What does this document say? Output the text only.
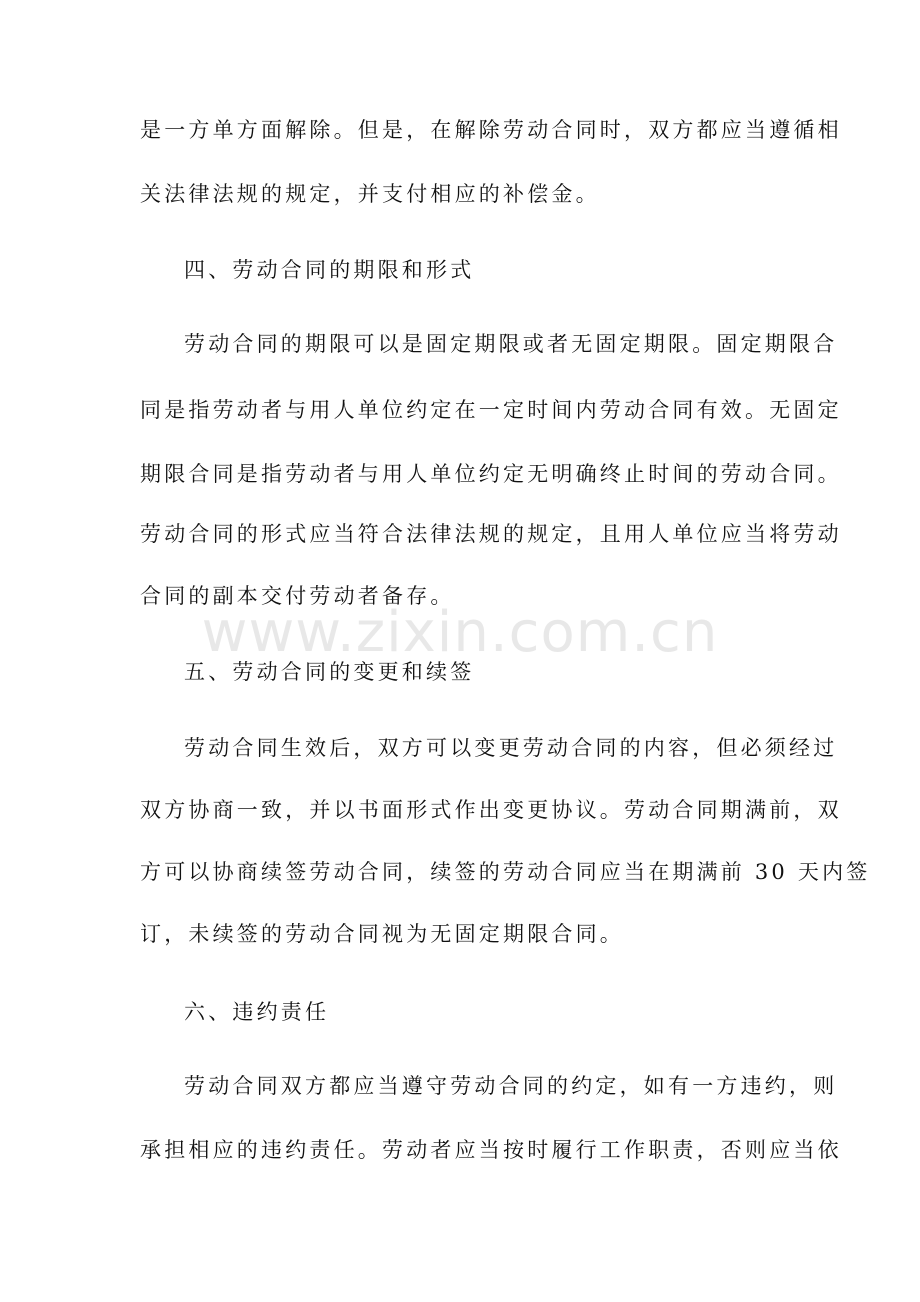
是一方单方面解除。但是，在解除劳动合同时，双方都应当遵循相
关法律法规的规定，并支付相应的补偿金。
四、劳动合同的期限和形式
劳动合同的期限可以是固定期限或者无固定期限。固定期限合
同是指劳动者与用人单位约定在一定时间内劳动合同有效。无固定
期限合同是指劳动者与用人单位约定无明确终止时间的劳动合同。
劳动合同的形式应当符合法律法规的规定，且用人单位应当将劳动
合同的副本交付劳动者备存。
五、劳动合同的变更和续签
劳动合同生效后，双方可以变更劳动合同的内容，但必须经过
双方协商一致，并以书面形式作出变更协议。劳动合同期满前，双
方可以协商续签劳动合同，续签的劳动合同应当在期满前 30 天内签
订，未续签的劳动合同视为无固定期限合同。
六、违约责任
劳动合同双方都应当遵守劳动合同的约定，如有一方违约，则
承担相应的违约责任。劳动者应当按时履行工作职责，否则应当依
www.zixin.com.cn
